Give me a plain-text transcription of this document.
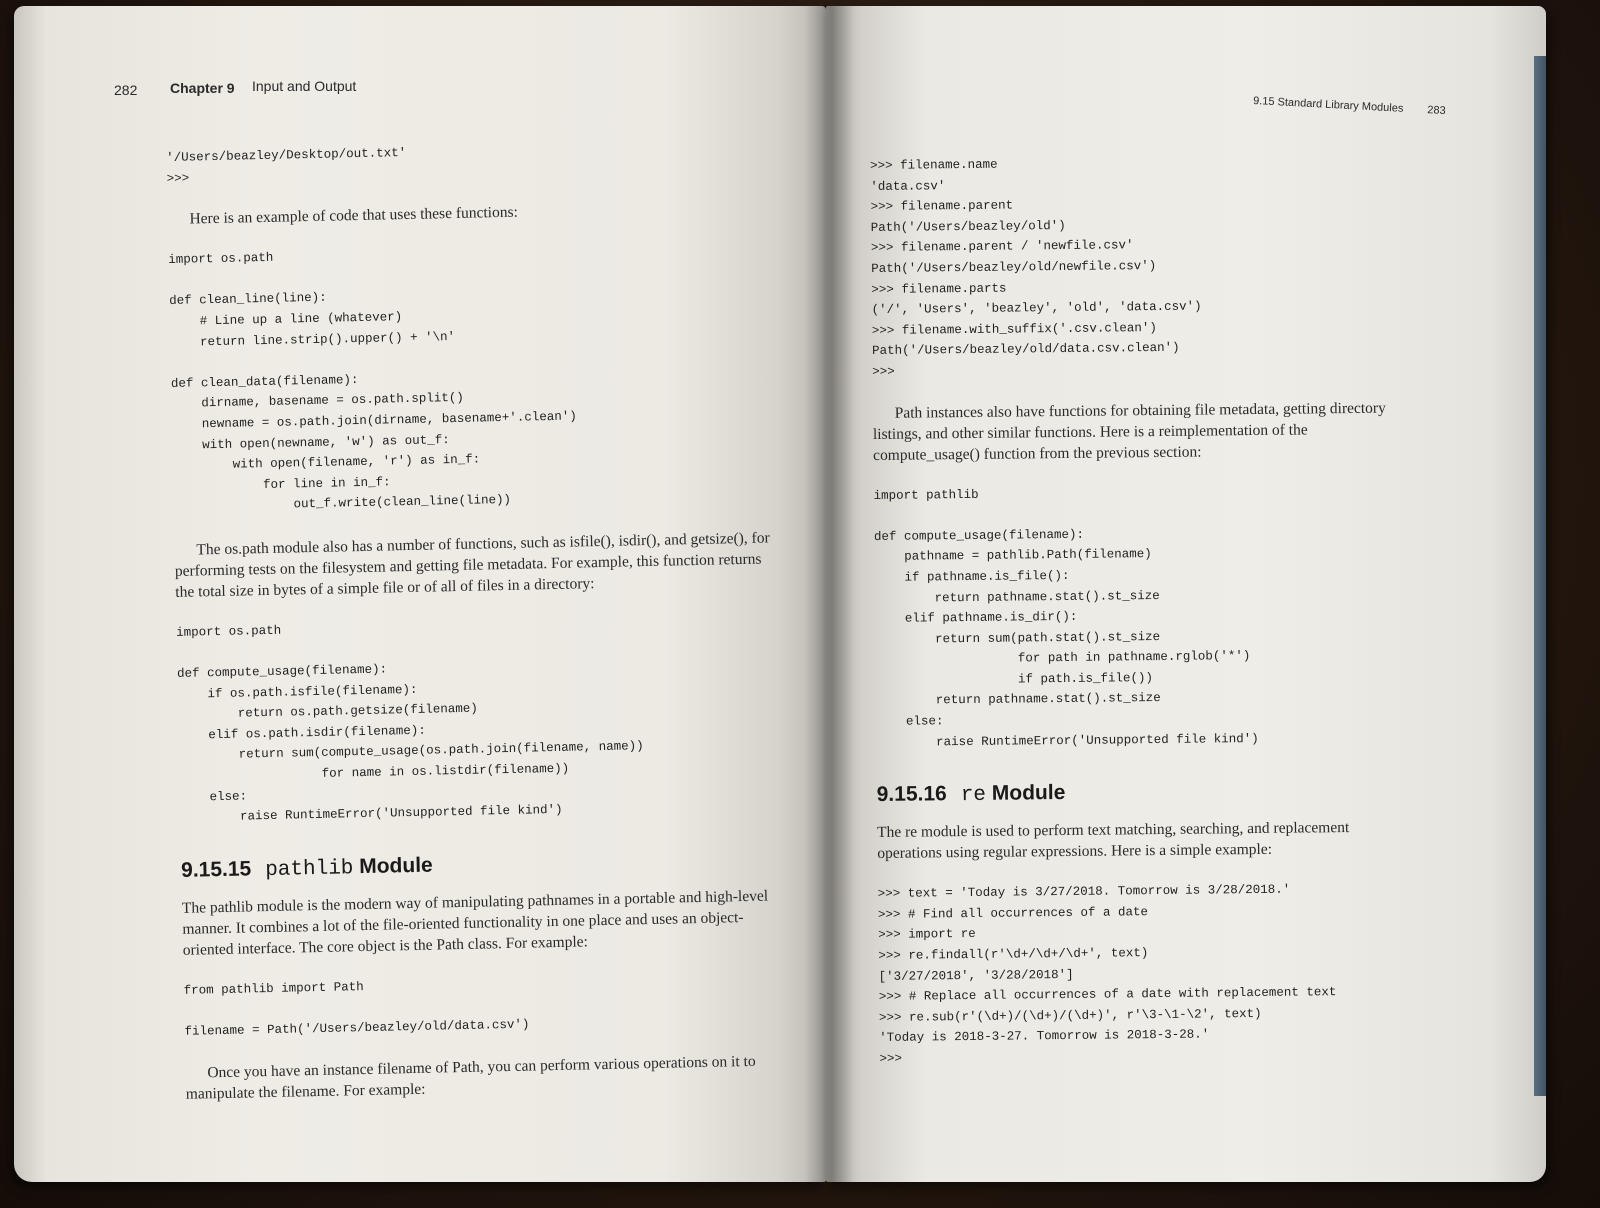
282	Chapter 9 Input and Output
'/Users/beazley/Desktop/out.txt'
>>>

Here is an example of code that uses these functions:

import os.path

def clean_line(line):
# Line up a line (whatever)
return line.strip().upper() + '\n'

def clean_data(filename):
dirname, basename = os.path.split()
newname = os.path.join(dirname, basename+'.clean')
with open(newname, 'w') as out_f:
with open(filename, 'r') as in_f:
for line in in_f:
out_f.write(clean_line(line))

The os.path module also has a number of functions, such as isfile(), isdir(), and getsize(), for performing tests on the filesystem and getting file metadata. For example, this function returns the total size in bytes of a simple file or of all of files in a directory:

import os.path

def compute_usage(filename):
if os.path.isfile(filename):
return os.path.getsize(filename)
elif os.path.isdir(filename):
return sum(compute_usage(os.path.join(filename, name))
for name in os.listdir(filename))
else:
raise RuntimeError('Unsupported file kind')
9.15.15 pathlib Module

The pathlib module is the modern way of manipulating pathnames in a portable and high-level manner. It combines a lot of the file-oriented functionality in one place and uses an object-oriented interface. The core object is the Path class. For example:

from pathlib import Path

filename = Path('/Users/beazley/old/data.csv')

Once you have an instance filename of Path, you can perform various operations on it to manipulate the filename. For example:

9.15 Standard Library Modules 283
>>> filename.name
'data.csv'
>>> filename.parent
Path('/Users/beazley/old')
>>> filename.parent / 'newfile.csv'
Path('/Users/beazley/old/newfile.csv')
>>> filename.parts
('/', 'Users', 'beazley', 'old', 'data.csv')
>>> filename.with_suffix('.csv.clean')
Path('/Users/beazley/old/data.csv.clean')
>>>

Path instances also have functions for obtaining file metadata, getting directory listings, and other similar functions. Here is a reimplementation of the compute_usage() function from the previous section:

import pathlib

def compute_usage(filename):
pathname = pathlib.Path(filename)
if pathname.is_file():
return pathname.stat().st_size
elif pathname.is_dir():
return sum(path.stat().st_size
for path in pathname.rglob('*')
if path.is_file())
return pathname.stat().st_size
else:
raise RuntimeError('Unsupported file kind')
9.15.16 re Module

The re module is used to perform text matching, searching, and replacement operations using regular expressions. Here is a simple example:

>>> text = 'Today is 3/27/2018. Tomorrow is 3/28/2018.'
>>> # Find all occurrences of a date
>>> import re
>>> re.findall(r'\d+/\d+/\d+', text)
['3/27/2018', '3/28/2018']
>>> # Replace all occurrences of a date with replacement text
>>> re.sub(r'(\d+)/(\d+)/(\d+)', r'\3-\1-\2', text)
'Today is 2018-3-27. Tomorrow is 2018-3-28.'
>>>
